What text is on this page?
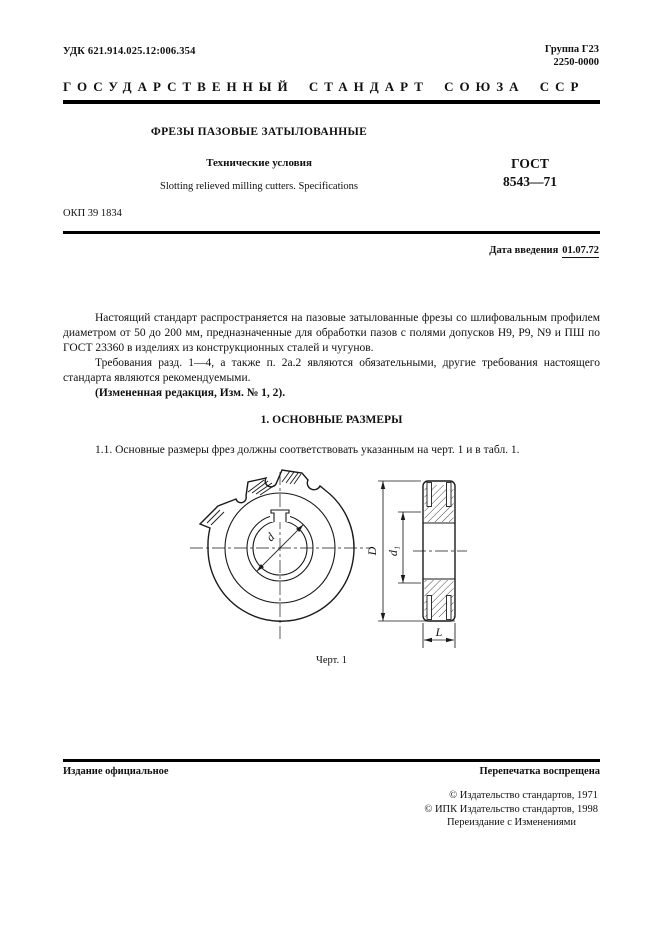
УДК 621.914.025.12:006.354	Группа Г23
2250-0000
ГОСУДАРСТВЕННЫЙ СТАНДАРТ СОЮЗА ССР
ФРЕЗЫ ПАЗОВЫЕ ЗАТЫЛОВАННЫЕ
Технические условия
Slotting relieved milling cutters. Specifications
ГОСТ
8543—71
ОКП 39 1834
Дата введения 01.07.72

Настоящий стандарт распространяется на пазовые затылованные фрезы со шлифовальным профилем диаметром от 50 до 200 мм, предназначенные для обработки пазов с полями допусков Н9, Р9, N9 и ПШ по ГОСТ 23360 в изделиях из конструкционных сталей и чугунов.

Требования разд. 1—4, а также п. 2а.2 являются обязательными, другие требования настоящего стандарта являются рекомендуемыми.

(Измененная редакция, Изм. № 1, 2).

1. ОСНОВНЫЕ РАЗМЕРЫ
1.1. Основные размеры фрез должны соответствовать указанным на черт. 1 и в табл. 1.
d
D d₁
L
Черт. 1
Издание официальное	Перепечатка воспрещена
© Издательство стандартов, 1971
© ИПК Издательство стандартов, 1998
Переиздание с Изменениями
